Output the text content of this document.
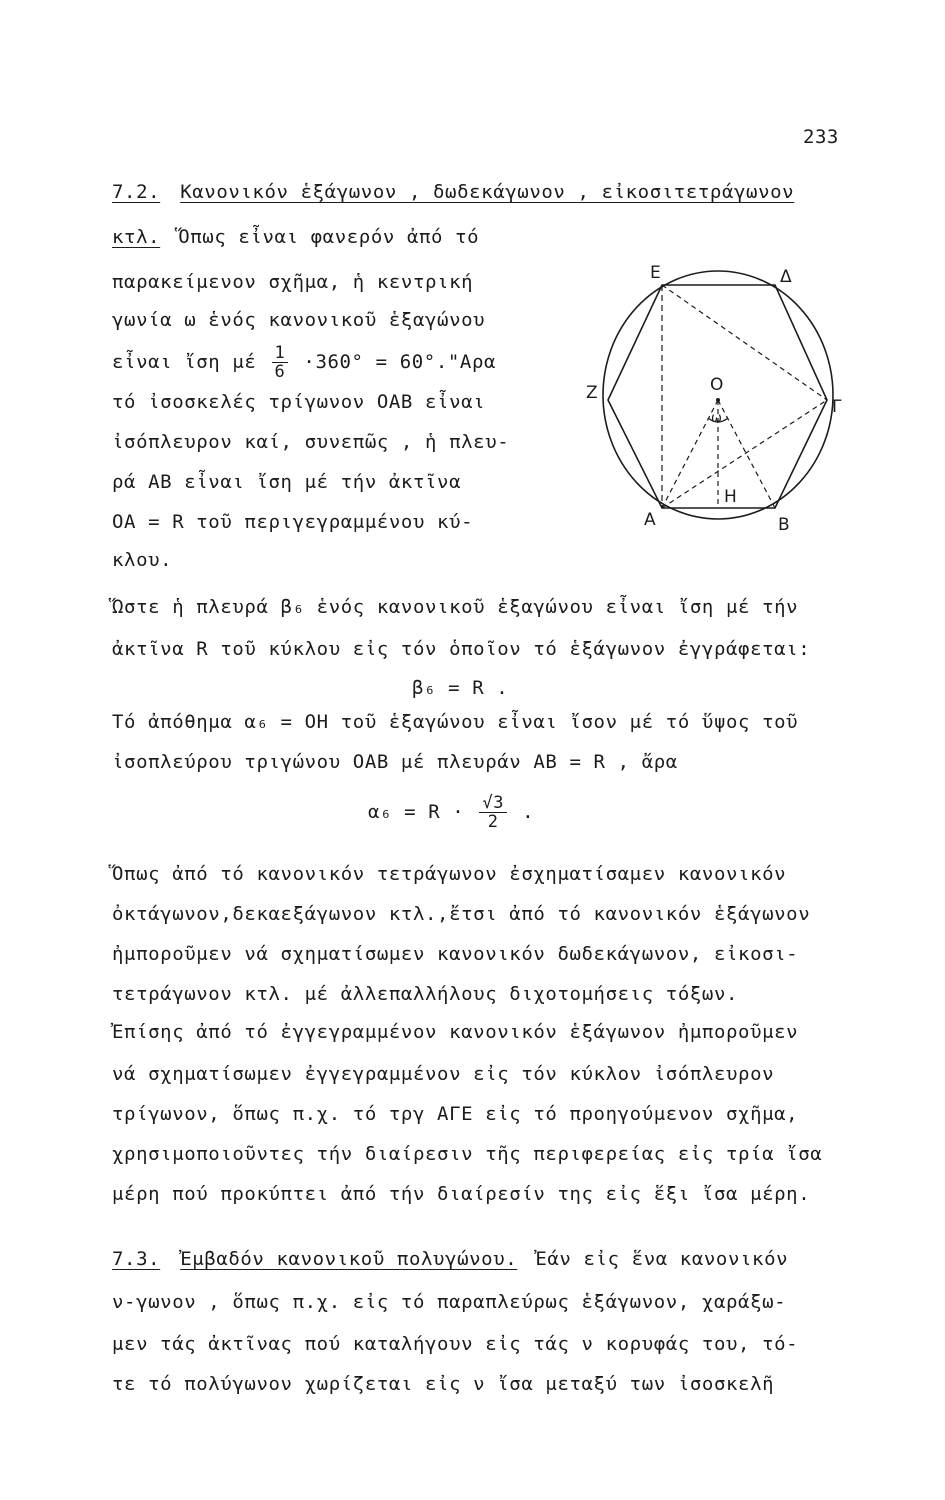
233
7.2. Κανονικόν ἑξάγωνον , δωδεκάγωνον , εἰκοσιτετράγωνον
κτλ. Ὅπως εἶναι φανερόν ἀπό τό
παρακείμενον σχῆμα, ἡ κεντρική
γωνία ω ἑνός κανονικοῦ ἑξαγώνου
εἶναι ἴση μέ $\frac{1}{6} \cdot 360^\circ$ = 60°."Αρα
τό ἰσοσκελές τρίγωνον ΟΑΒ εἶναι
ἰσόπλευρον καί, συνεπῶς , ἡ πλευ-
ρά ΑΒ εἶναι ἴση μέ τήν ἀκτῖνα
ΟΑ = R τοῦ περιγεγραμμένου κύ-
κλου.
Ε	Δ
Ζ
Γ
Ο
ω
Η
Α	Β
Ὥστε ἡ πλευρά β₆ ἑνός κανονικοῦ ἑξαγώνου εἶναι ἴση μέ τήν
ἀκτῖνα R τοῦ κύκλου εἰς τόν ὁποῖον τό ἑξάγωνον ἐγγράφεται:
β₆ = R .
Τό ἀπόθημα α₆ = ΟΗ τοῦ ἑξαγώνου εἶναι ἴσον μέ τό ὕψος τοῦ
ἰσοπλεύρου τριγώνου ΟΑΒ μέ πλευράν ΑΒ = R , ἄρα
$\alpha_6 = R \cdot \frac{√3}{2}$ .
Ὅπως ἀπό τό κανονικόν τετράγωνον ἐσχηματίσαμεν κανονικόν
ὀκτάγωνον,δεκαεξάγωνον κτλ.,ἔτσι ἀπό τό κανονικόν ἑξάγωνον
ἠμποροῦμεν νά σχηματίσωμεν κανονικόν δωδεκάγωνον, εἰκοσι-
τετράγωνον κτλ. μέ ἀλλεπαλλήλους διχοτομήσεις τόξων.
Ἐπίσης ἀπό τό ἐγγεγραμμένον κανονικόν ἑξάγωνον ἠμποροῦμεν
νά σχηματίσωμεν ἐγγεγραμμένον εἰς τόν κύκλον ἰσόπλευρον
τρίγωνον, ὅπως π.χ. τό τργ ΑΓΕ εἰς τό προηγούμενον σχῆμα,
χρησιμοποιοῦντες τήν διαίρεσιν τῆς περιφερείας εἰς τρία ἴσα
μέρη πού προκύπτει ἀπό τήν διαίρεσίν της εἰς ἕξι ἴσα μέρη.
7.3. Ἐμβαδόν κανονικοῦ πολυγώνου. Ἐάν εἰς ἕνα κανονικόν
ν-γωνον , ὅπως π.χ. εἰς τό παραπλεύρως ἑξάγωνον, χαράξω-
μεν τάς ἀκτῖνας πού καταλήγουν εἰς τάς ν κορυφάς του, τό-
τε τό πολύγωνον χωρίζεται εἰς ν ἴσα μεταξύ των ἰσοσκελῆ
